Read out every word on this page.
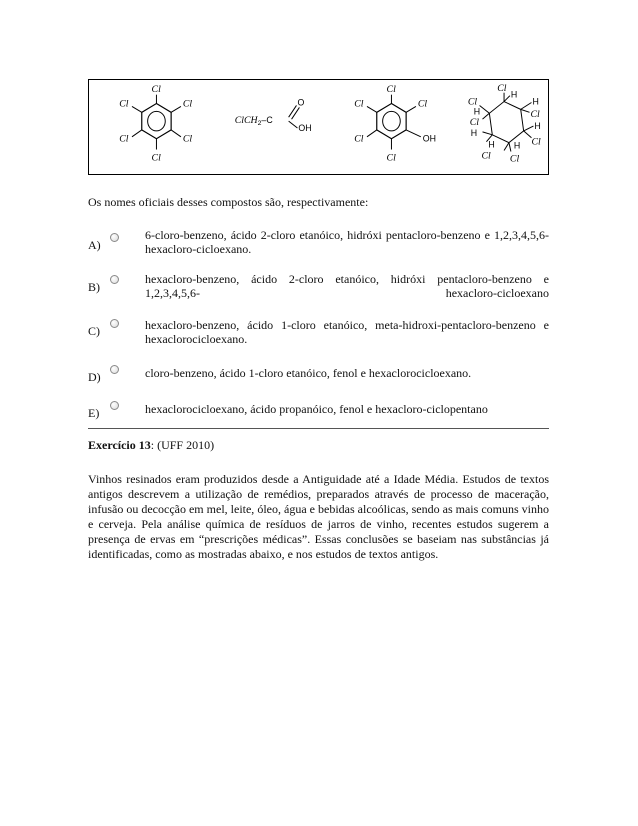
Cl
Cl
Cl
Cl
Cl
Cl
ClCH$_2$–C
O
OH
Cl
Cl
OH
Cl
Cl
Cl
Cl
H
H
Cl
H
Cl
H
Cl
H
Cl
H
Cl
H
Cl
Os nomes oficiais desses compostos são, respectivamente:
A)
6-cloro-benzeno, ácido 2-cloro etanóico, hidróxi pentacloro-benzeno e 1,2,3,4,5,6- hexacloro-cicloexano.
B)
hexacloro-benzeno, ácido 2-cloro etanóico, hidróxi pentacloro-benzeno e 1,2,3,4,5,6- hexacloro-cicloexano
C)	hexacloro-benzeno, ácido 1-cloro etanóico, meta-hidroxi-pentacloro-benzeno e hexaclorocicloexano.
D)	cloro-benzeno, ácido 1-cloro etanóico, fenol e hexaclorocicloexano.
E)	hexaclorocicloexano, ácido propanóico, fenol e hexacloro-ciclopentano
Exercício 13: (UFF 2010)
Vinhos resinados eram produzidos desde a Antiguidade até a Idade Média. Estudos de textos antigos descrevem a utilização de remédios, preparados através de processo de maceração, infusão ou decocção em mel, leite, óleo, água e bebidas alcoólicas, sendo as mais comuns vinho e cerveja. Pela análise química de resíduos de jarros de vinho, recentes estudos sugerem a presença de ervas em “prescrições médicas”. Essas conclusões se baseiam nas substâncias já identificadas, como as mostradas abaixo, e nos estudos de textos antigos.
